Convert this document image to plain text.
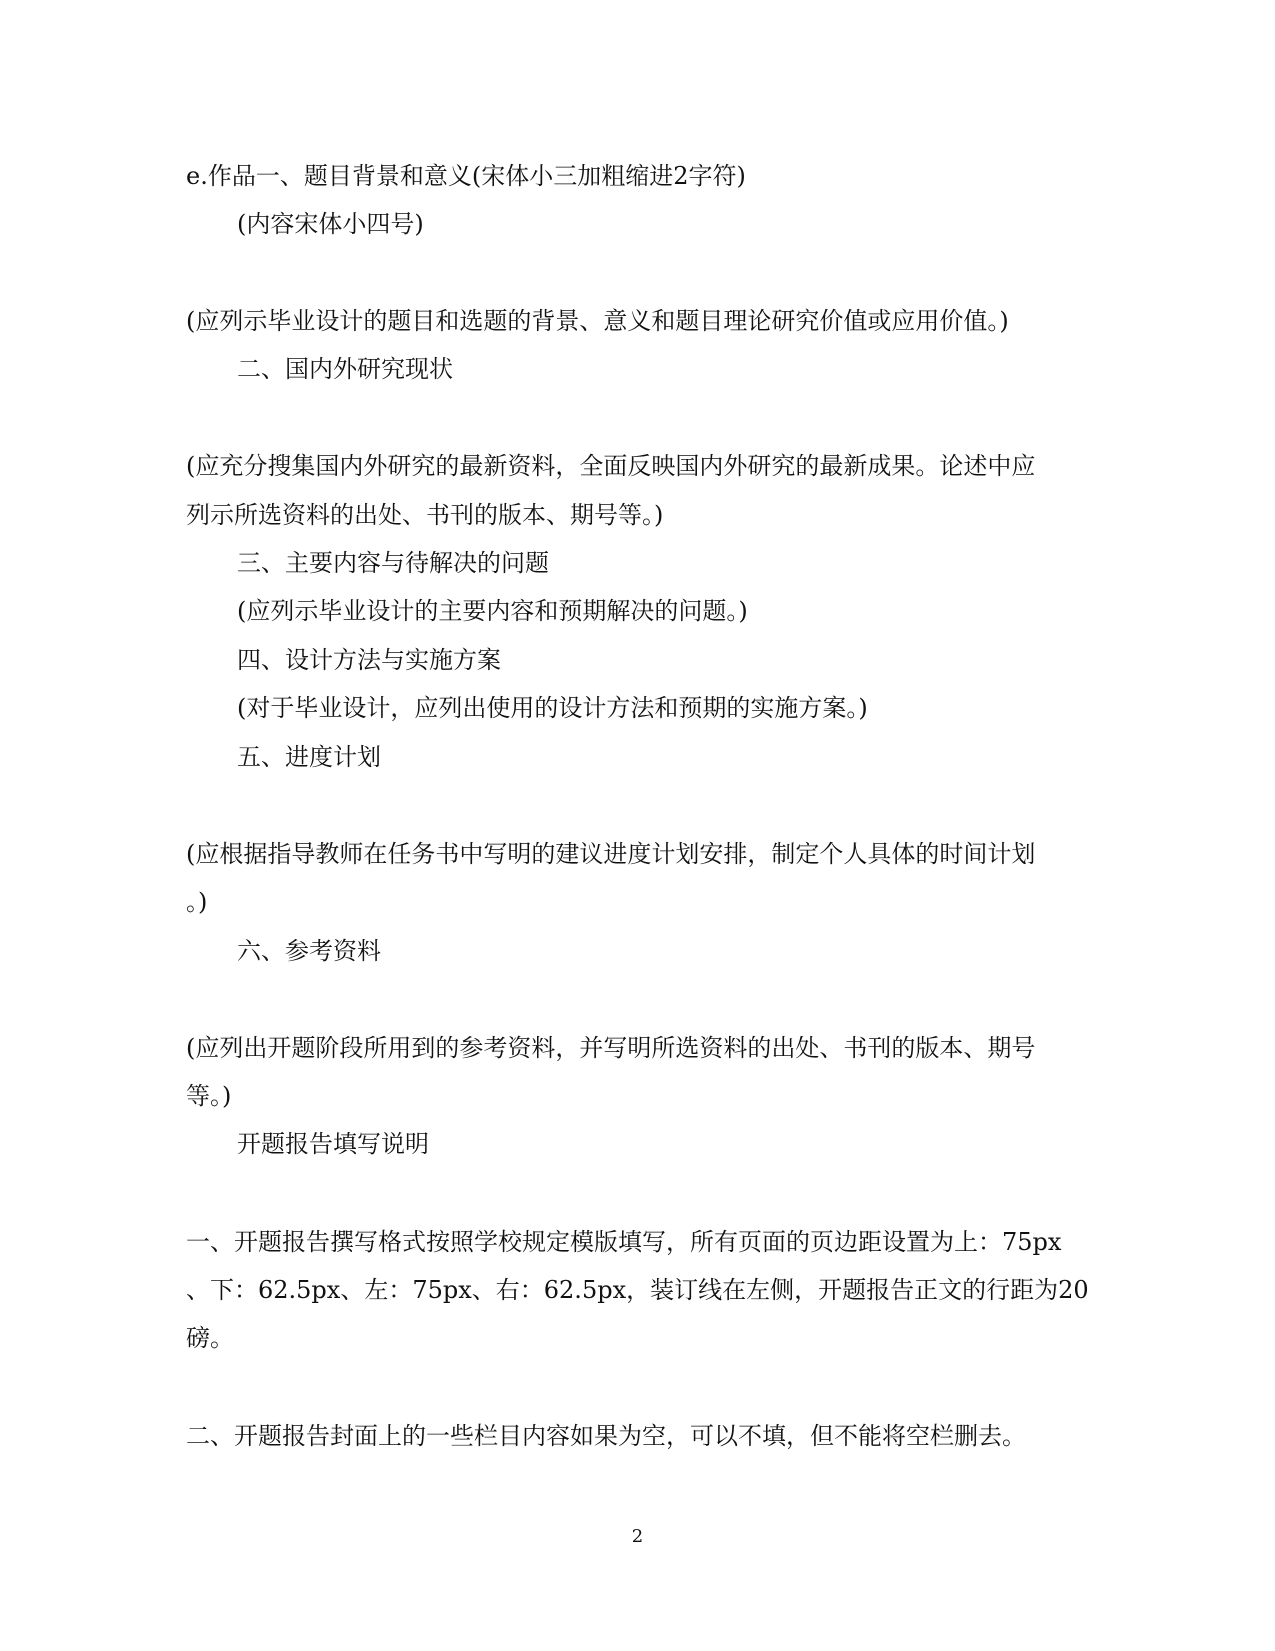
e.作品一、题目背景和意义(宋体小三加粗缩进2字符)
(内容宋体小四号)
(应列示毕业设计的题目和选题的背景、意义和题目理论研究价值或应用价值。)
二、国内外研究现状
(应充分搜集国内外研究的最新资料，全面反映国内外研究的最新成果。论述中应
列示所选资料的出处、书刊的版本、期号等。)
三、主要内容与待解决的问题
(应列示毕业设计的主要内容和预期解决的问题。)
四、设计方法与实施方案
(对于毕业设计，应列出使用的设计方法和预期的实施方案。)
五、进度计划
(应根据指导教师在任务书中写明的建议进度计划安排，制定个人具体的时间计划
。)
六、参考资料
(应列出开题阶段所用到的参考资料，并写明所选资料的出处、书刊的版本、期号
等。)
开题报告填写说明
一、开题报告撰写格式按照学校规定模版填写，所有页面的页边距设置为上：75px
、下：62.5px、左：75px、右：62.5px，装订线在左侧，开题报告正文的行距为20
磅。
二、开题报告封面上的一些栏目内容如果为空，可以不填，但不能将空栏删去。
2
